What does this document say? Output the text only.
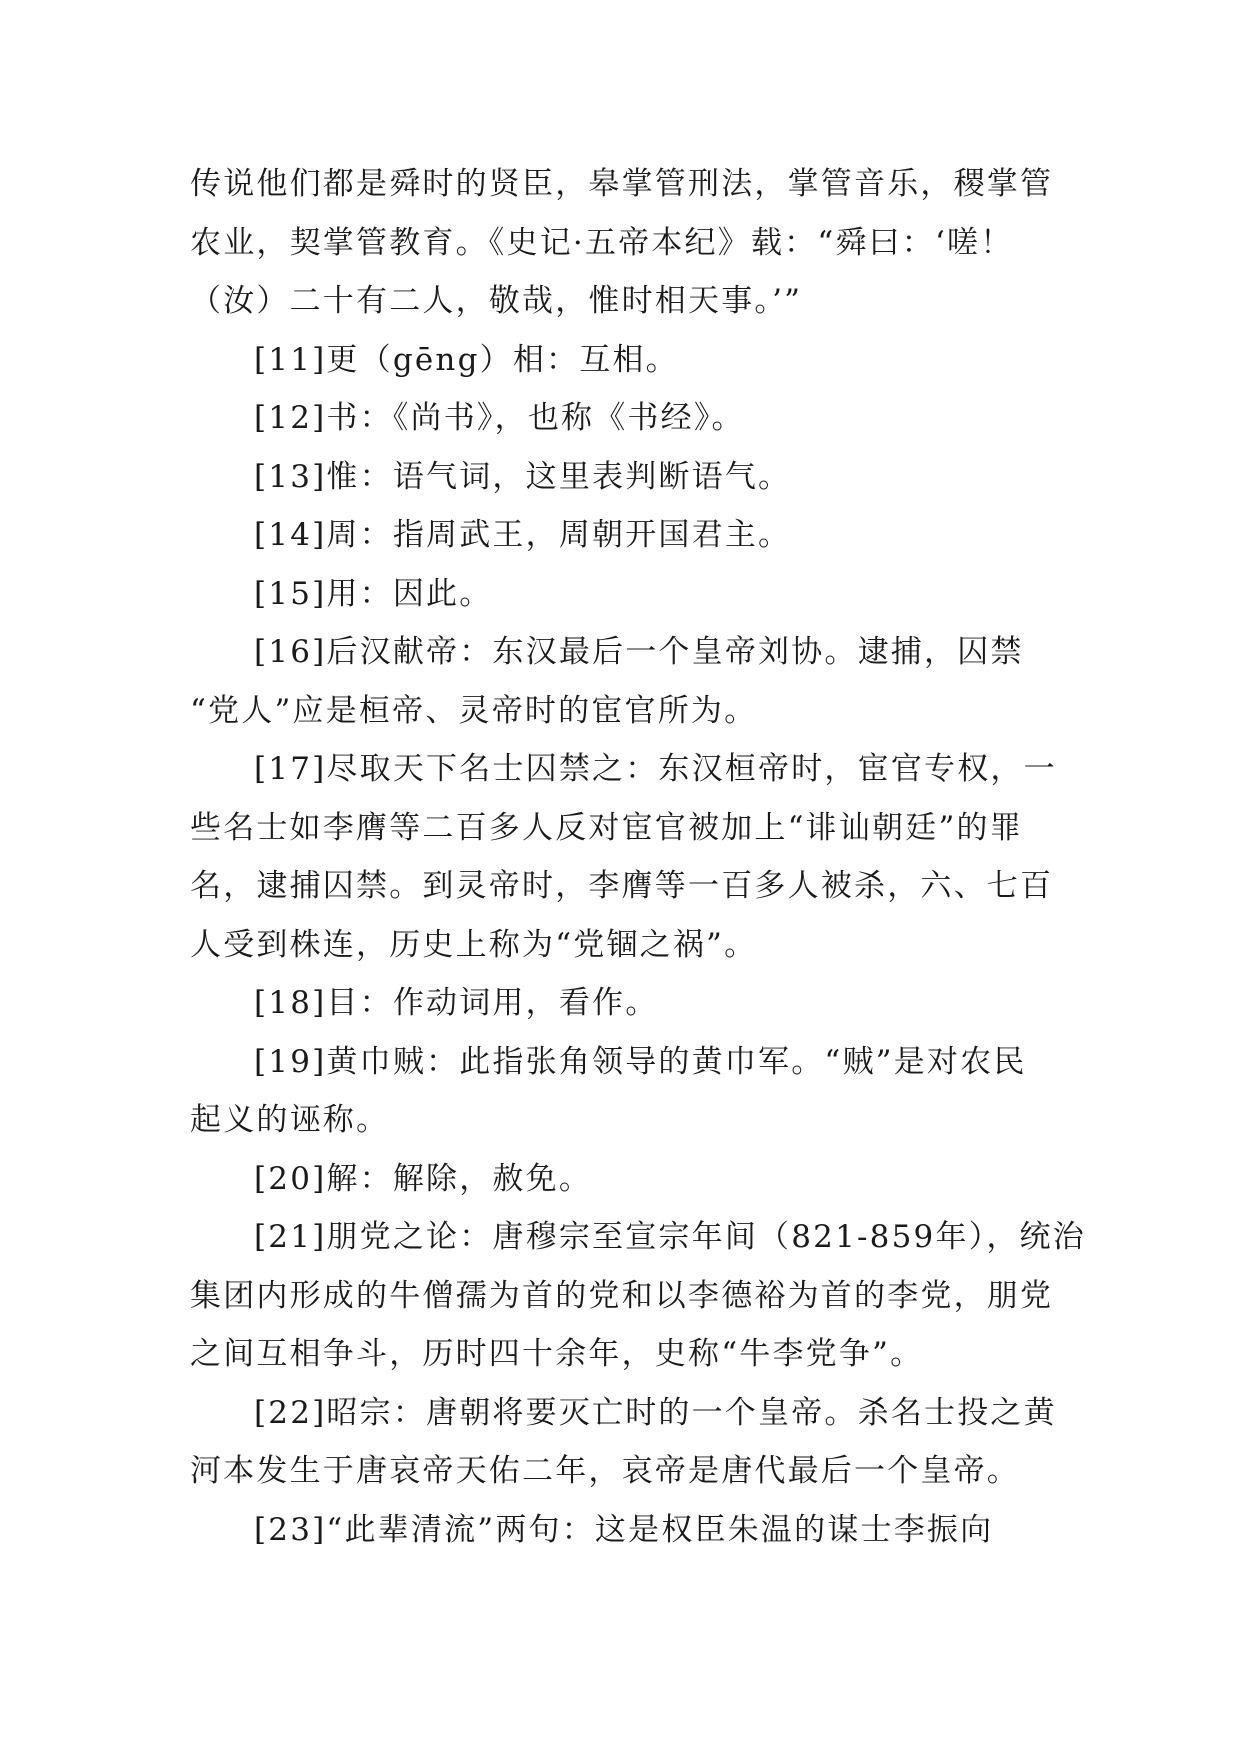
传说他们都是舜时的贤臣，皋掌管刑法，掌管音乐，稷掌管
农业，契掌管教育。《史记·五帝本纪》载：“舜曰：‘嗟！
（汝）二十有二人，敬哉，惟时相天事。’”
[11]更（gēng）相：互相。
[12]书：《尚书》，也称《书经》。
[13]惟：语气词，这里表判断语气。
[14]周：指周武王，周朝开国君主。
[15]用：因此。
[16]后汉献帝：东汉最后一个皇帝刘协。逮捕，囚禁
“党人”应是桓帝、灵帝时的宦官所为。
[17]尽取天下名士囚禁之：东汉桓帝时，宦官专权，一
些名士如李膺等二百多人反对宦官被加上“诽讪朝廷”的罪
名，逮捕囚禁。到灵帝时，李膺等一百多人被杀，六、七百
人受到株连，历史上称为“党锢之祸”。
[18]目：作动词用，看作。
[19]黄巾贼：此指张角领导的黄巾军。“贼”是对农民
起义的诬称。
[20]解：解除，赦免。
[21]朋党之论：唐穆宗至宣宗年间（821-859年），统治
集团内形成的牛僧孺为首的党和以李德裕为首的李党，朋党
之间互相争斗，历时四十余年，史称“牛李党争”。
[22]昭宗：唐朝将要灭亡时的一个皇帝。杀名士投之黄
河本发生于唐哀帝天佑二年，哀帝是唐代最后一个皇帝。
[23]“此辈清流”两句：这是权臣朱温的谋士李振向
